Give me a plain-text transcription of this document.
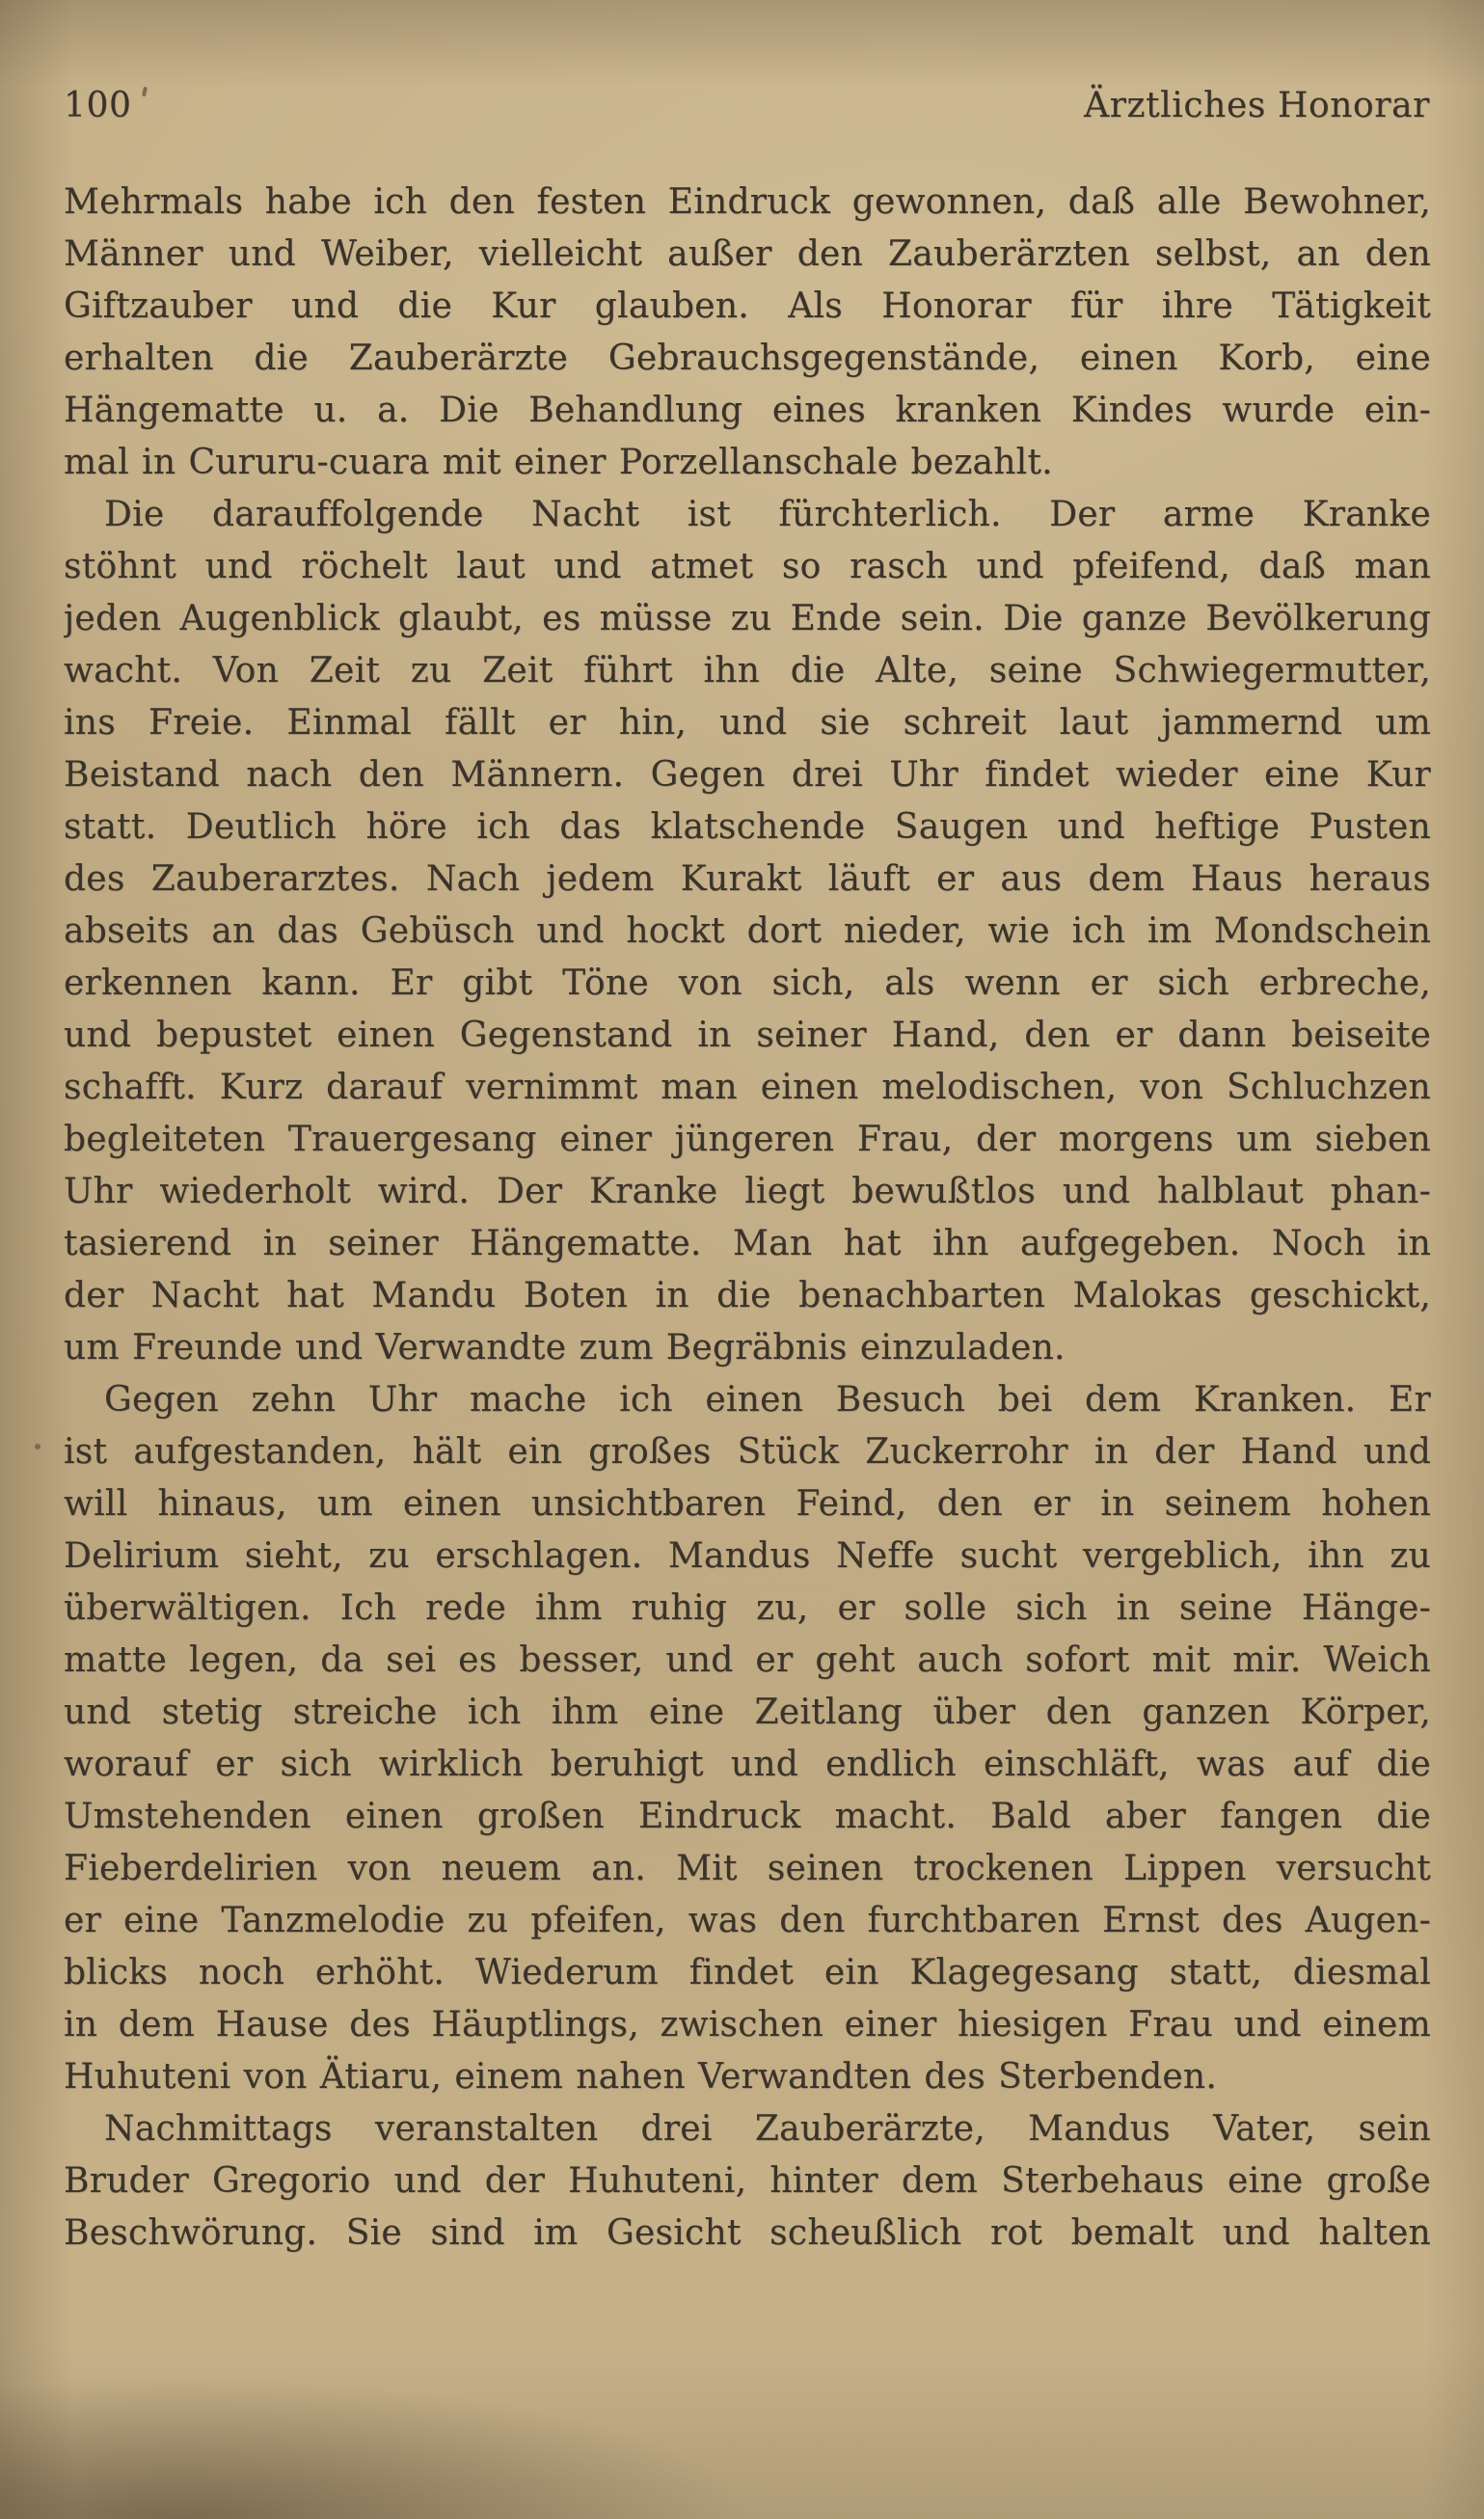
100	Ärztliches Honorar
Mehrmals habe ich den festen Eindruck gewonnen, daß alle Bewohner,
Männer und Weiber, vielleicht außer den Zauberärzten selbst, an den
Giftzauber und die Kur glauben. Als Honorar für ihre Tätigkeit
erhalten die Zauberärzte Gebrauchsgegenstände, einen Korb, eine
Hängematte u. a. Die Behandlung eines kranken Kindes wurde ein-
mal in Cururu-cuara mit einer Porzellanschale bezahlt.
Die darauffolgende Nacht ist fürchterlich. Der arme Kranke
stöhnt und röchelt laut und atmet so rasch und pfeifend, daß man
jeden Augenblick glaubt, es müsse zu Ende sein. Die ganze Bevölkerung
wacht. Von Zeit zu Zeit führt ihn die Alte, seine Schwiegermutter,
ins Freie. Einmal fällt er hin, und sie schreit laut jammernd um
Beistand nach den Männern. Gegen drei Uhr findet wieder eine Kur
statt. Deutlich höre ich das klatschende Saugen und heftige Pusten
des Zauberarztes. Nach jedem Kurakt läuft er aus dem Haus heraus
abseits an das Gebüsch und hockt dort nieder, wie ich im Mondschein
erkennen kann. Er gibt Töne von sich, als wenn er sich erbreche,
und bepustet einen Gegenstand in seiner Hand, den er dann beiseite
schafft. Kurz darauf vernimmt man einen melodischen, von Schluchzen
begleiteten Trauergesang einer jüngeren Frau, der morgens um sieben
Uhr wiederholt wird. Der Kranke liegt bewußtlos und halblaut phan-
tasierend in seiner Hängematte. Man hat ihn aufgegeben. Noch in
der Nacht hat Mandu Boten in die benachbarten Malokas geschickt,
um Freunde und Verwandte zum Begräbnis einzuladen.
Gegen zehn Uhr mache ich einen Besuch bei dem Kranken. Er
ist aufgestanden, hält ein großes Stück Zuckerrohr in der Hand und
will hinaus, um einen unsichtbaren Feind, den er in seinem hohen
Delirium sieht, zu erschlagen. Mandus Neffe sucht vergeblich, ihn zu
überwältigen. Ich rede ihm ruhig zu, er solle sich in seine Hänge-
matte legen, da sei es besser, und er geht auch sofort mit mir. Weich
und stetig streiche ich ihm eine Zeitlang über den ganzen Körper,
worauf er sich wirklich beruhigt und endlich einschläft, was auf die
Umstehenden einen großen Eindruck macht. Bald aber fangen die
Fieberdelirien von neuem an. Mit seinen trockenen Lippen versucht
er eine Tanzmelodie zu pfeifen, was den furchtbaren Ernst des Augen-
blicks noch erhöht. Wiederum findet ein Klagegesang statt, diesmal
in dem Hause des Häuptlings, zwischen einer hiesigen Frau und einem
Huhuteni von Ätiaru, einem nahen Verwandten des Sterbenden.
Nachmittags veranstalten drei Zauberärzte, Mandus Vater, sein
Bruder Gregorio und der Huhuteni, hinter dem Sterbehaus eine große
Beschwörung. Sie sind im Gesicht scheußlich rot bemalt und halten
